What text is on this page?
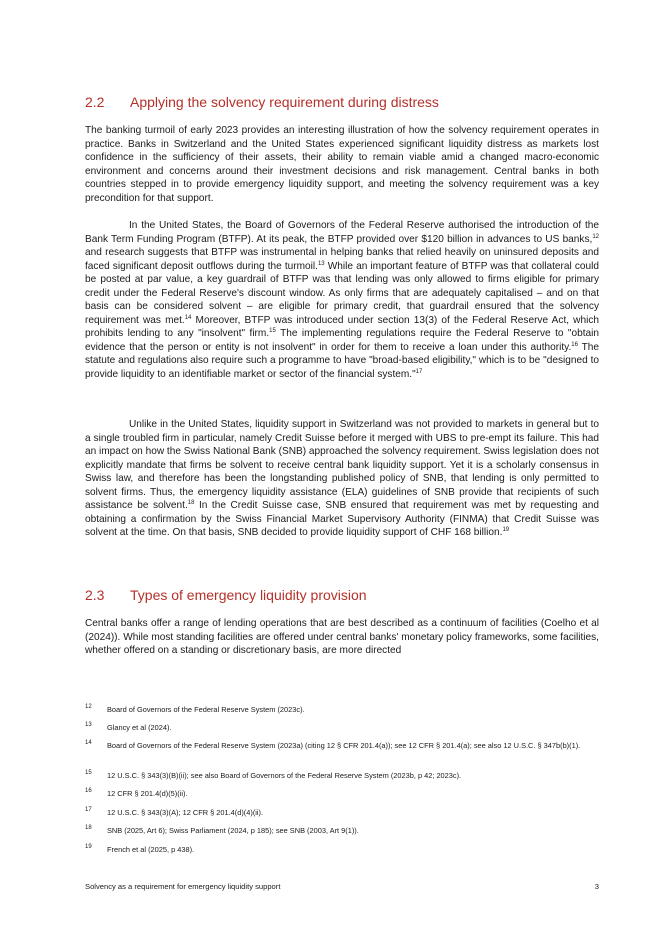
2.2 Applying the solvency requirement during distress

The banking turmoil of early 2023 provides an interesting illustration of how the solvency requirement operates in practice. Banks in Switzerland and the United States experienced significant liquidity distress as markets lost confidence in the sufficiency of their assets, their ability to remain viable amid a changed macro-economic environment and concerns around their investment decisions and risk management. Central banks in both countries stepped in to provide emergency liquidity support, and meeting the solvency requirement was a key precondition for that support.

In the United States, the Board of Governors of the Federal Reserve authorised the introduction of the Bank Term Funding Program (BTFP). At its peak, the BTFP provided over $120 billion in advances to US banks,$^{12}$ and research suggests that BTFP was instrumental in helping banks that relied heavily on uninsured deposits and faced significant deposit outflows during the turmoil.$^{13}$ While an important feature of BTFP was that collateral could be posted at par value, a key guardrail of BTFP was that lending was only allowed to firms eligible for primary credit under the Federal Reserve's discount window. As only firms that are adequately capitalised – and on that basis can be considered solvent – are eligible for primary credit, that guardrail ensured that the solvency requirement was met.$^{14}$ Moreover, BTFP was introduced under section 13(3) of the Federal Reserve Act, which prohibits lending to any "insolvent" firm.$^{15}$ The implementing regulations require the Federal Reserve to "obtain evidence that the person or entity is not insolvent" in order for them to receive a loan under this authority.$^{16}$ The statute and regulations also require such a programme to have "broad-based eligibility," which is to be "designed to provide liquidity to an identifiable market or sector of the financial system."$^{17}$

Unlike in the United States, liquidity support in Switzerland was not provided to markets in general but to a single troubled firm in particular, namely Credit Suisse before it merged with UBS to pre-empt its failure. This had an impact on how the Swiss National Bank (SNB) approached the solvency requirement. Swiss legislation does not explicitly mandate that firms be solvent to receive central bank liquidity support. Yet it is a scholarly consensus in Swiss law, and therefore has been the longstanding published policy of SNB, that lending is only permitted to solvent firms. Thus, the emergency liquidity assistance (ELA) guidelines of SNB provide that recipients of such assistance be solvent.$^{18}$ In the Credit Suisse case, SNB ensured that requirement was met by requesting and obtaining a confirmation by the Swiss Financial Market Supervisory Authority (FINMA) that Credit Suisse was solvent at the time. On that basis, SNB decided to provide liquidity support of CHF 168 billion.$^{19}$

2.3 Types of emergency liquidity provision

Central banks offer a range of lending operations that are best described as a continuum of facilities (Coelho et al (2024)). While most standing facilities are offered under central banks' monetary policy frameworks, some facilities, whether offered on a standing or discretionary basis, are more directed

12 Board of Governors of the Federal Reserve System (2023c).
13 Glancy et al (2024).
14 Board of Governors of the Federal Reserve System (2023a) (citing 12 § CFR 201.4(a)); see 12 CFR § 201.4(a); see also 12 U.S.C. § 347b(b)(1).
15 12 U.S.C. § 343(3)(B)(ii); see also Board of Governors of the Federal Reserve System (2023b, p 42; 2023c).
16 12 CFR § 201.4(d)(5)(ii).
17 12 U.S.C. § 343(3)(A); 12 CFR § 201.4(d)(4)(ii).
18 SNB (2025, Art 6); Swiss Parliament (2024, p 185); see SNB (2003, Art 9(1)).
19 French et al (2025, p 438).
Solvency as a requirement for emergency liquidity support	3
